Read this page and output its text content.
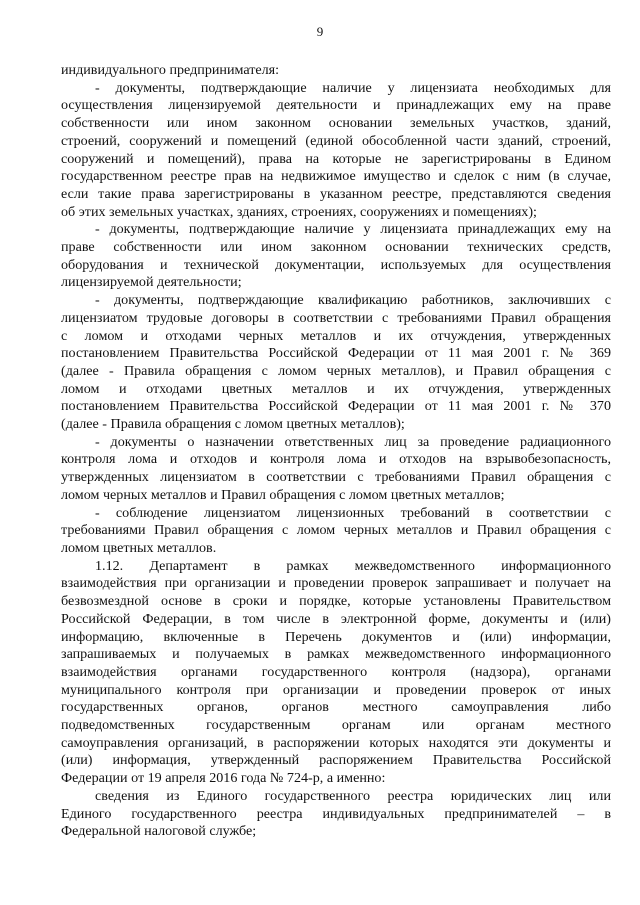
9
индивидуального предпринимателя:
- документы, подтверждающие наличие у лицензиата необходимых для
осуществления лицензируемой деятельности и принадлежащих ему на праве
собственности или ином законном основании земельных участков, зданий,
строений, сооружений и помещений (единой обособленной части зданий, строений,
сооружений и помещений), права на которые не зарегистрированы в Едином
государственном реестре прав на недвижимое имущество и сделок с ним (в случае,
если такие права зарегистрированы в указанном реестре, представляются сведения
об этих земельных участках, зданиях, строениях, сооружениях и помещениях);
- документы, подтверждающие наличие у лицензиата принадлежащих ему на
праве собственности или ином законном основании технических средств,
оборудования и технической документации, используемых для осуществления
лицензируемой деятельности;
- документы, подтверждающие квалификацию работников, заключивших с
лицензиатом трудовые договоры в соответствии с требованиями Правил обращения
с ломом и отходами черных металлов и их отчуждения, утвержденных
постановлением Правительства Российской Федерации от 11 мая 2001 г. № 369
(далее - Правила обращения с ломом черных металлов), и Правил обращения с
ломом и отходами цветных металлов и их отчуждения, утвержденных
постановлением Правительства Российской Федерации от 11 мая 2001 г. № 370
(далее - Правила обращения с ломом цветных металлов);
- документы о назначении ответственных лиц за проведение радиационного
контроля лома и отходов и контроля лома и отходов на взрывобезопасность,
утвержденных лицензиатом в соответствии с требованиями Правил обращения с
ломом черных металлов и Правил обращения с ломом цветных металлов;
- соблюдение лицензиатом лицензионных требований в соответствии с
требованиями Правил обращения с ломом черных металлов и Правил обращения с
ломом цветных металлов.
1.12. Департамент в рамках межведомственного информационного
взаимодействия при организации и проведении проверок запрашивает и получает на
безвозмездной основе в сроки и порядке, которые установлены Правительством
Российской Федерации, в том числе в электронной форме, документы и (или)
информацию, включенные в Перечень документов и (или) информации,
запрашиваемых и получаемых в рамках межведомственного информационного
взаимодействия органами государственного контроля (надзора), органами
муниципального контроля при организации и проведении проверок от иных
государственных органов, органов местного самоуправления либо
подведомственных государственным органам или органам местного
самоуправления организаций, в распоряжении которых находятся эти документы и
(или) информация, утвержденный распоряжением Правительства Российской
Федерации от 19 апреля 2016 года № 724-р, а именно:
сведения из Единого государственного реестра юридических лиц или
Единого государственного реестра индивидуальных предпринимателей – в
Федеральной налоговой службе;
